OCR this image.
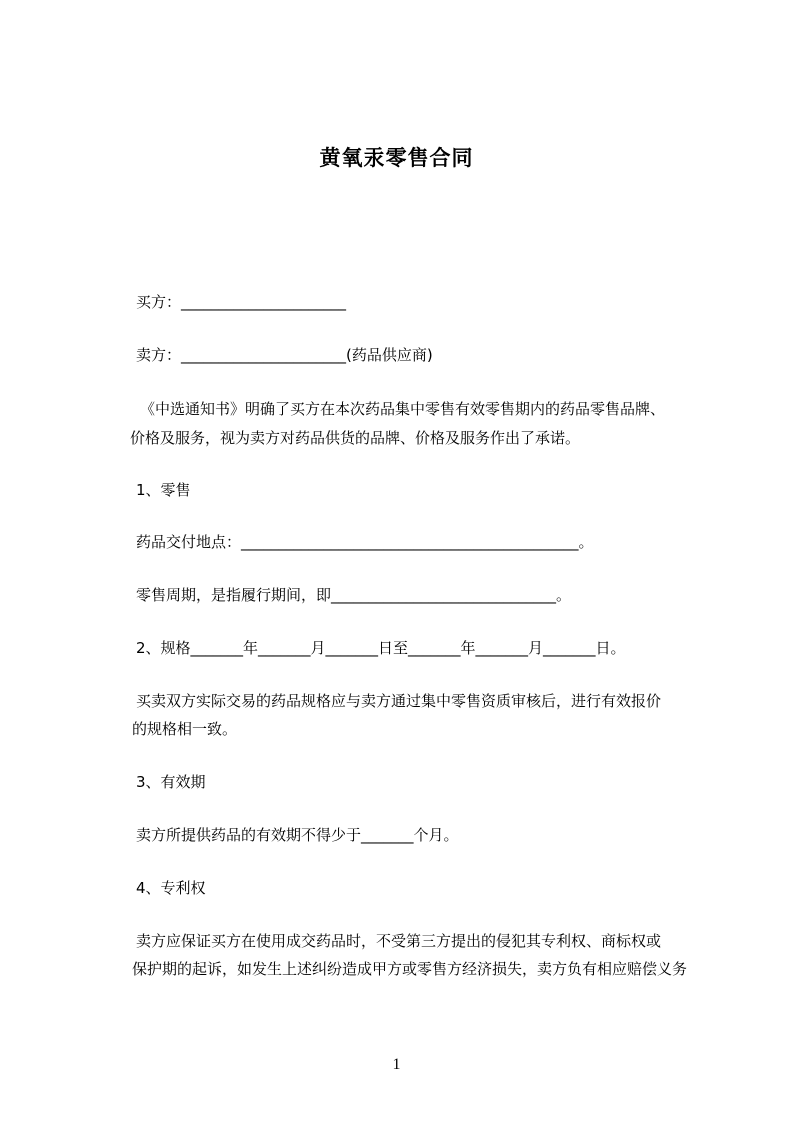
黄氧汞零售合同
买方：______________________
卖方：______________________(药品供应商)
《中选通知书》明确了买方在本次药品集中零售有效零售期内的药品零售品牌、
价格及服务，视为卖方对药品供货的品牌、价格及服务作出了承诺。
1、零售
药品交付地点：_____________________________________________。
零售周期，是指履行期间，即______________________________。
2、规格_______年_______月_______日至_______年_______月_______日。
买卖双方实际交易的药品规格应与卖方通过集中零售资质审核后，进行有效报价
的规格相一致。
3、有效期
卖方所提供药品的有效期不得少于_______个月。
4、专利权
卖方应保证买方在使用成交药品时，不受第三方提出的侵犯其专利权、商标权或
保护期的起诉，如发生上述纠纷造成甲方或零售方经济损失，卖方负有相应赔偿义务
1
